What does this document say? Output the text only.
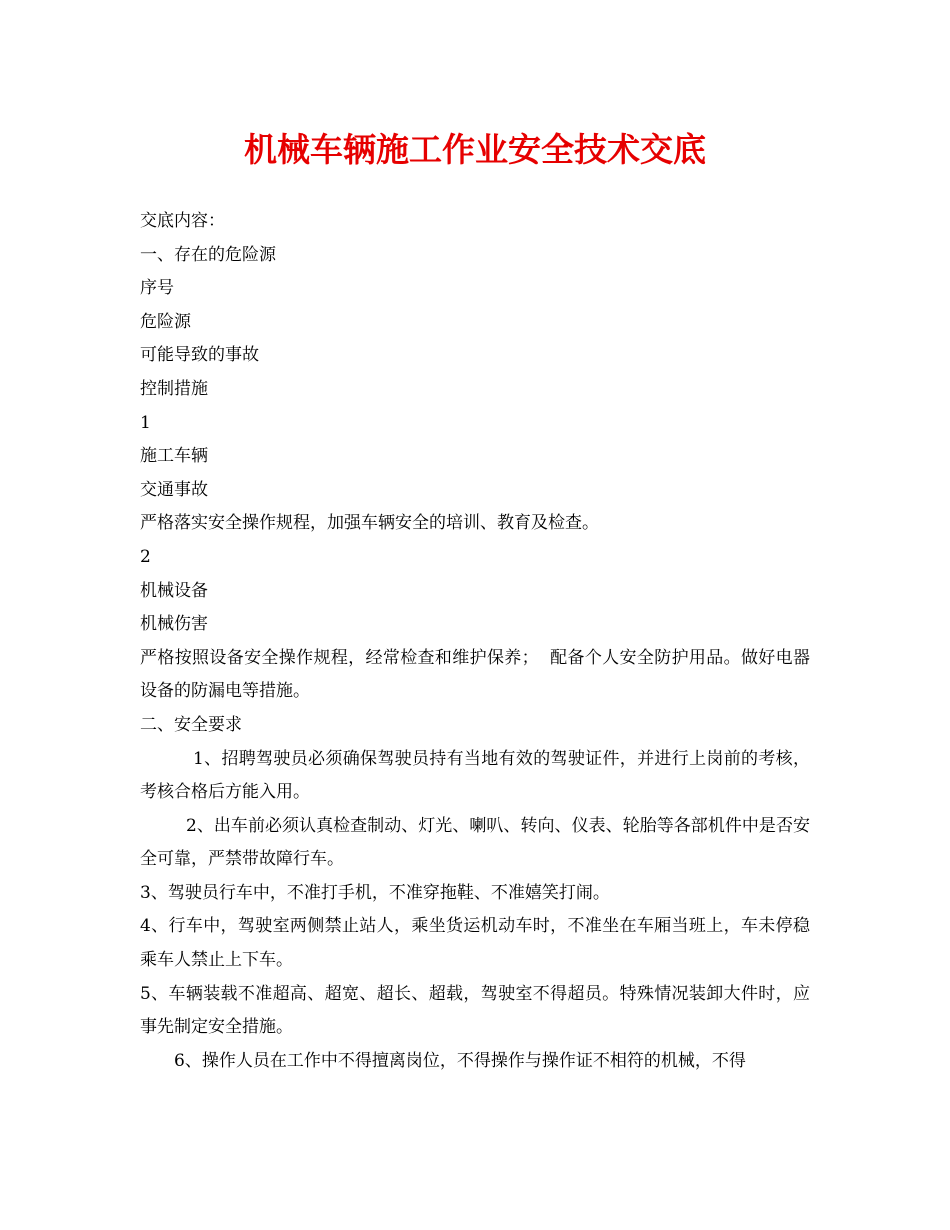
机械车辆施工作业安全技术交底

交底内容：

一、存在的危险源

序号

危险源

可能导致的事故

控制措施

1

施工车辆

交通事故

严格落实安全操作规程，加强车辆安全的培训、教育及检查。

2

机械设备

机械伤害

严格按照设备安全操作规程，经常检查和维护保养；  配备个人安全防护用品。做好电器设备的防漏电等措施。

二、安全要求

1、招聘驾驶员必须确保驾驶员持有当地有效的驾驶证件，并进行上岗前的考核，考核合格后方能入用。

2、出车前必须认真检查制动、灯光、喇叭、转向、仪表、轮胎等各部机件中是否安全可靠，严禁带故障行车。

3、驾驶员行车中，不准打手机，不准穿拖鞋、不准嬉笑打闹。

4、行车中，驾驶室两侧禁止站人，乘坐货运机动车时，不准坐在车厢当班上，车未停稳乘车人禁止上下车。

5、车辆装载不准超高、超宽、超长、超载，驾驶室不得超员。特殊情况装卸大件时，应事先制定安全措施。

6、操作人员在工作中不得擅离岗位，不得操作与操作证不相符的机械，不得
